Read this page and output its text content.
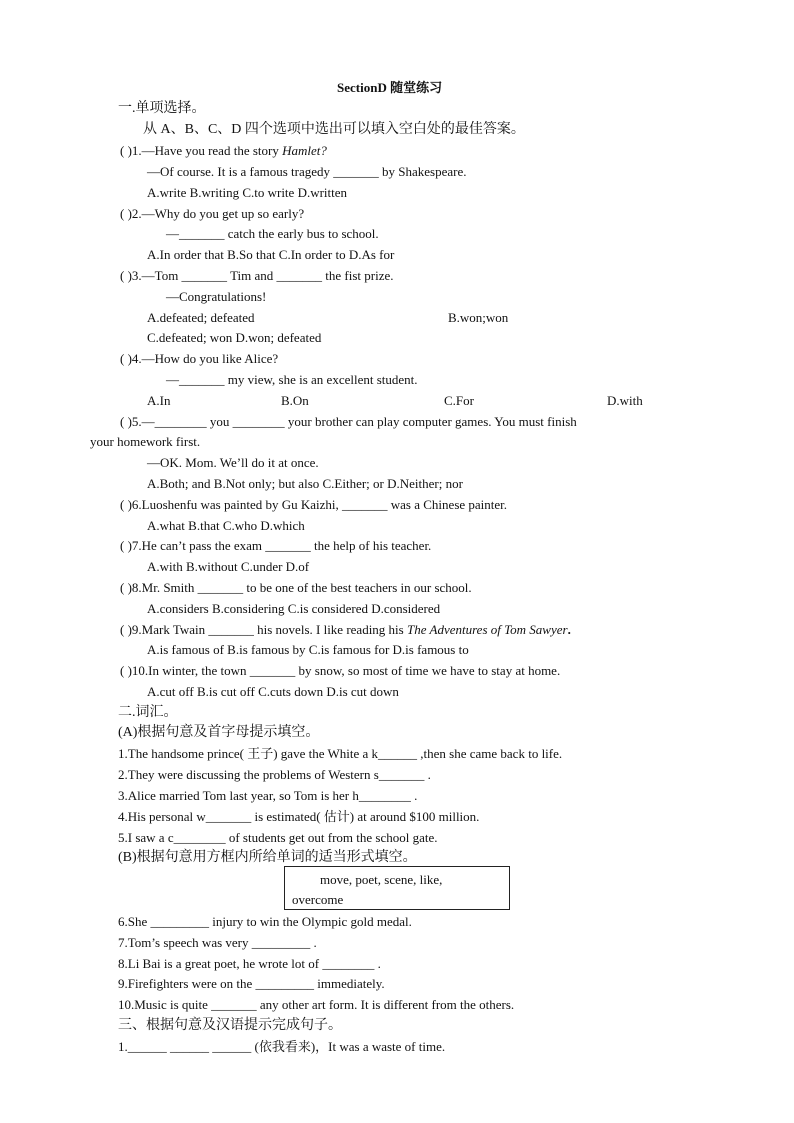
SectionD 随堂练习
一.单项选择。
从 A、B、C、D 四个选项中选出可以填入空白处的最佳答案。
( )1.—Have you read the story Hamlet?
—Of course. It is a famous tragedy _______ by Shakespeare.
A.write B.writing C.to write D.written
( )2.—Why do you get up so early?
—_______ catch the early bus to school.
A.In order that B.So that C.In order to D.As for
( )3.—Tom _______ Tim and _______ the fist prize.
—Congratulations!
A.defeated; defeated	B.won;won
C.defeated; won D.won; defeated
( )4.—How do you like Alice?
—_______ my view, she is an excellent student.
A.In	B.On	C.For	D.with
( )5.—________ you ________ your brother can play computer games. You must finish
your homework first.
—OK. Mom. We’ll do it at once.
A.Both; and B.Not only; but also C.Either; or D.Neither; nor
( )6.Luoshenfu was painted by Gu Kaizhi, _______ was a Chinese painter.
A.what B.that C.who D.which
( )7.He can’t pass the exam _______ the help of his teacher.
A.with B.without C.under D.of
( )8.Mr. Smith _______ to be one of the best teachers in our school.
A.considers B.considering C.is considered D.considered
( )9.Mark Twain _______ his novels. I like reading his The Adventures of Tom Sawyer.
A.is famous of B.is famous by C.is famous for D.is famous to
( )10.In winter, the town _______ by snow, so most of time we have to stay at home.
A.cut off B.is cut off C.cuts down D.is cut down
二.词汇。
(A)根据句意及首字母提示填空。
1.The handsome prince( 王子) gave the White a k______ ,then she came back to life.
2.They were discussing the problems of Western s_______ .
3.Alice married Tom last year, so Tom is her h________ .
4.His personal w_______ is estimated( 估计) at around $100 million.
5.I saw a c________ of students get out from the school gate.
(B)根据句意用方框内所给单词的适当形式填空。
move, poet, scene, like,
overcome
6.She _________ injury to win the Olympic gold medal.
7.Tom’s speech was very _________ .
8.Li Bai is a great poet, he wrote lot of ________ .
9.Firefighters were on the _________ immediately.
10.Music is quite _______ any other art form. It is different from the others.
三、根据句意及汉语提示完成句子。
1.______ ______ ______ (依我看来)，It was a waste of time.
